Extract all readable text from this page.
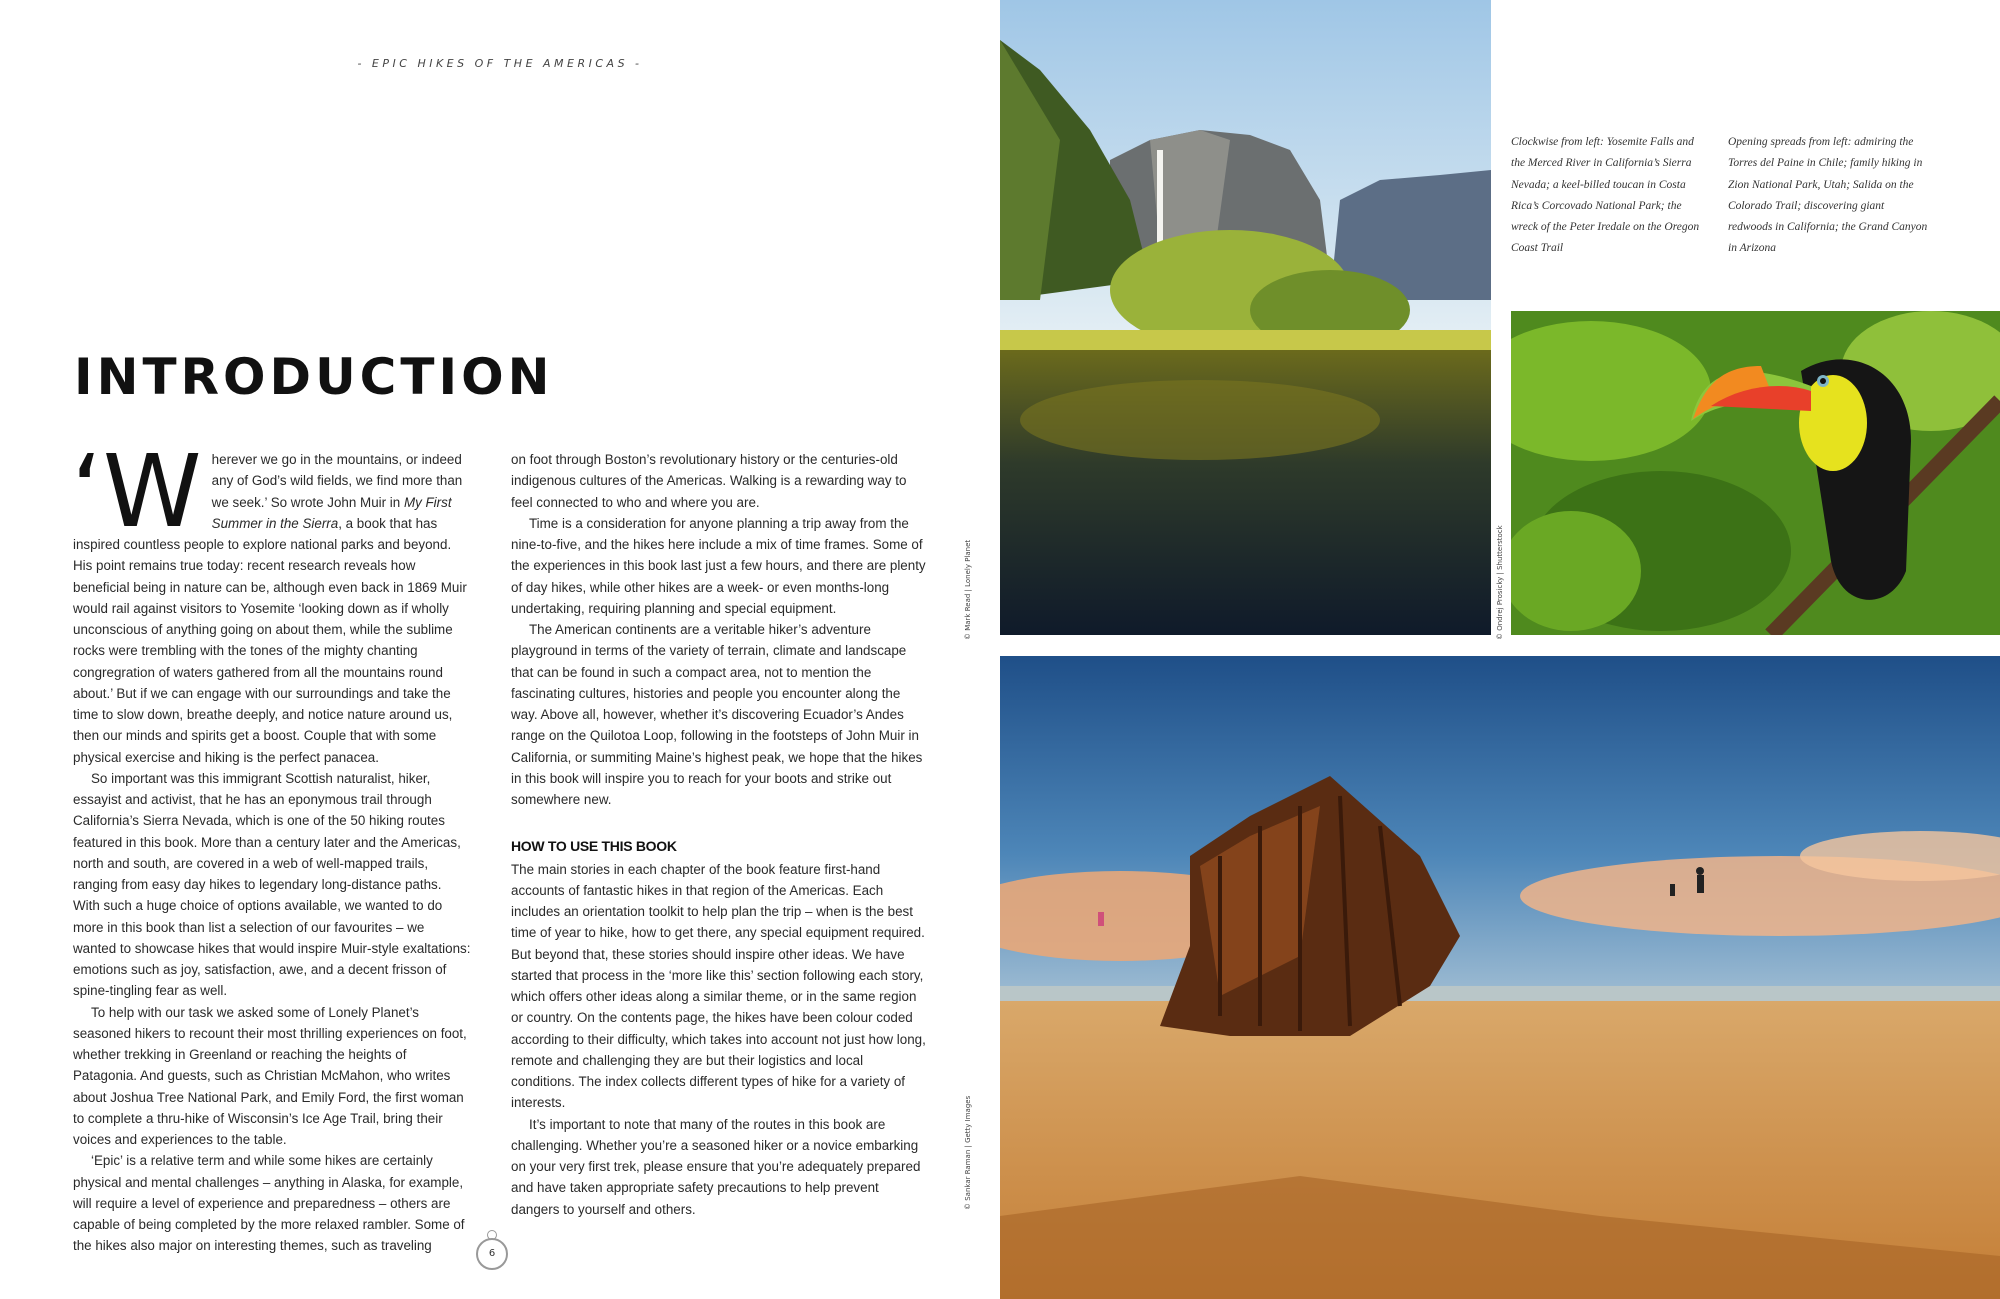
- EPIC HIKES OF THE AMERICAS -
INTRODUCTION

‘Wherever we go in the mountains, or indeed any of God’s wild fields, we find more than we seek.’ So wrote John Muir in My First Summer in the Sierra, a book that has inspired countless people to explore national parks and beyond. His point remains true today: recent research reveals how beneficial being in nature can be, although even back in 1869 Muir would rail against visitors to Yosemite ‘looking down as if wholly unconscious of anything going on about them, while the sublime rocks were trembling with the tones of the mighty chanting congregration of waters gathered from all the mountains round about.’ But if we can engage with our surroundings and take the time to slow down, breathe deeply, and notice nature around us, then our minds and spirits get a boost. Couple that with some physical exercise and hiking is the perfect panacea.

So important was this immigrant Scottish naturalist, hiker, essayist and activist, that he has an eponymous trail through California’s Sierra Nevada, which is one of the 50 hiking routes featured in this book. More than a century later and the Americas, north and south, are covered in a web of well-mapped trails, ranging from easy day hikes to legendary long-distance paths. With such a huge choice of options available, we wanted to do more in this book than list a selection of our favourites – we wanted to showcase hikes that would inspire Muir-style exaltations: emotions such as joy, satisfaction, awe, and a decent frisson of spine-tingling fear as well.

To help with our task we asked some of Lonely Planet’s seasoned hikers to recount their most thrilling experiences on foot, whether trekking in Greenland or reaching the heights of Patagonia. And guests, such as Christian McMahon, who writes about Joshua Tree National Park, and Emily Ford, the first woman to complete a thru-hike of Wisconsin’s Ice Age Trail, bring their voices and experiences to the table.

‘Epic’ is a relative term and while some hikes are certainly physical and mental challenges – anything in Alaska, for example, will require a level of experience and preparedness – others are capable of being completed by the more relaxed rambler. Some of the hikes also major on interesting themes, such as traveling

on foot through Boston’s revolutionary history or the centuries-old indigenous cultures of the Americas. Walking is a rewarding way to feel connected to who and where you are.

Time is a consideration for anyone planning a trip away from the nine-to-five, and the hikes here include a mix of time frames. Some of the experiences in this book last just a few hours, and there are plenty of day hikes, while other hikes are a week- or even months-long undertaking, requiring planning and special equipment.

The American continents are a veritable hiker’s adventure playground in terms of the variety of terrain, climate and landscape that can be found in such a compact area, not to mention the fascinating cultures, histories and people you encounter along the way. Above all, however, whether it’s discovering Ecuador’s Andes range on the Quilotoa Loop, following in the footsteps of John Muir in California, or summiting Maine’s highest peak, we hope that the hikes in this book will inspire you to reach for your boots and strike out somewhere new.

HOW TO USE THIS BOOK

The main stories in each chapter of the book feature first-hand accounts of fantastic hikes in that region of the Americas. Each includes an orientation toolkit to help plan the trip – when is the best time of year to hike, how to get there, any special equipment required. But beyond that, these stories should inspire other ideas. We have started that process in the ‘more like this’ section following each story, which offers other ideas along a similar theme, or in the same region or country. On the contents page, the hikes have been colour coded according to their difficulty, which takes into account not just how long, remote and challenging they are but their logistics and local conditions. The index collects different types of hike for a variety of interests.

It’s important to note that many of the routes in this book are challenging. Whether you’re a seasoned hiker or a novice embarking on your very first trek, please ensure that you’re adequately prepared and have taken appropriate safety precautions to help prevent dangers to yourself and others.

6
Clockwise from left: Yosemite Falls and the Merced River in California’s Sierra Nevada; a keel-billed toucan in Costa Rica’s Corcovado National Park; the wreck of the Peter Iredale on the Oregon Coast Trail
Opening spreads from left: admiring the Torres del Paine in Chile; family hiking in Zion National Park, Utah; Salida on the Colorado Trail; discovering giant redwoods in California; the Grand Canyon in Arizona
© Mark Read | Lonely Planet	© Ondrej Prosicky | Shutterstock
© Sankar Raman | Getty Images
